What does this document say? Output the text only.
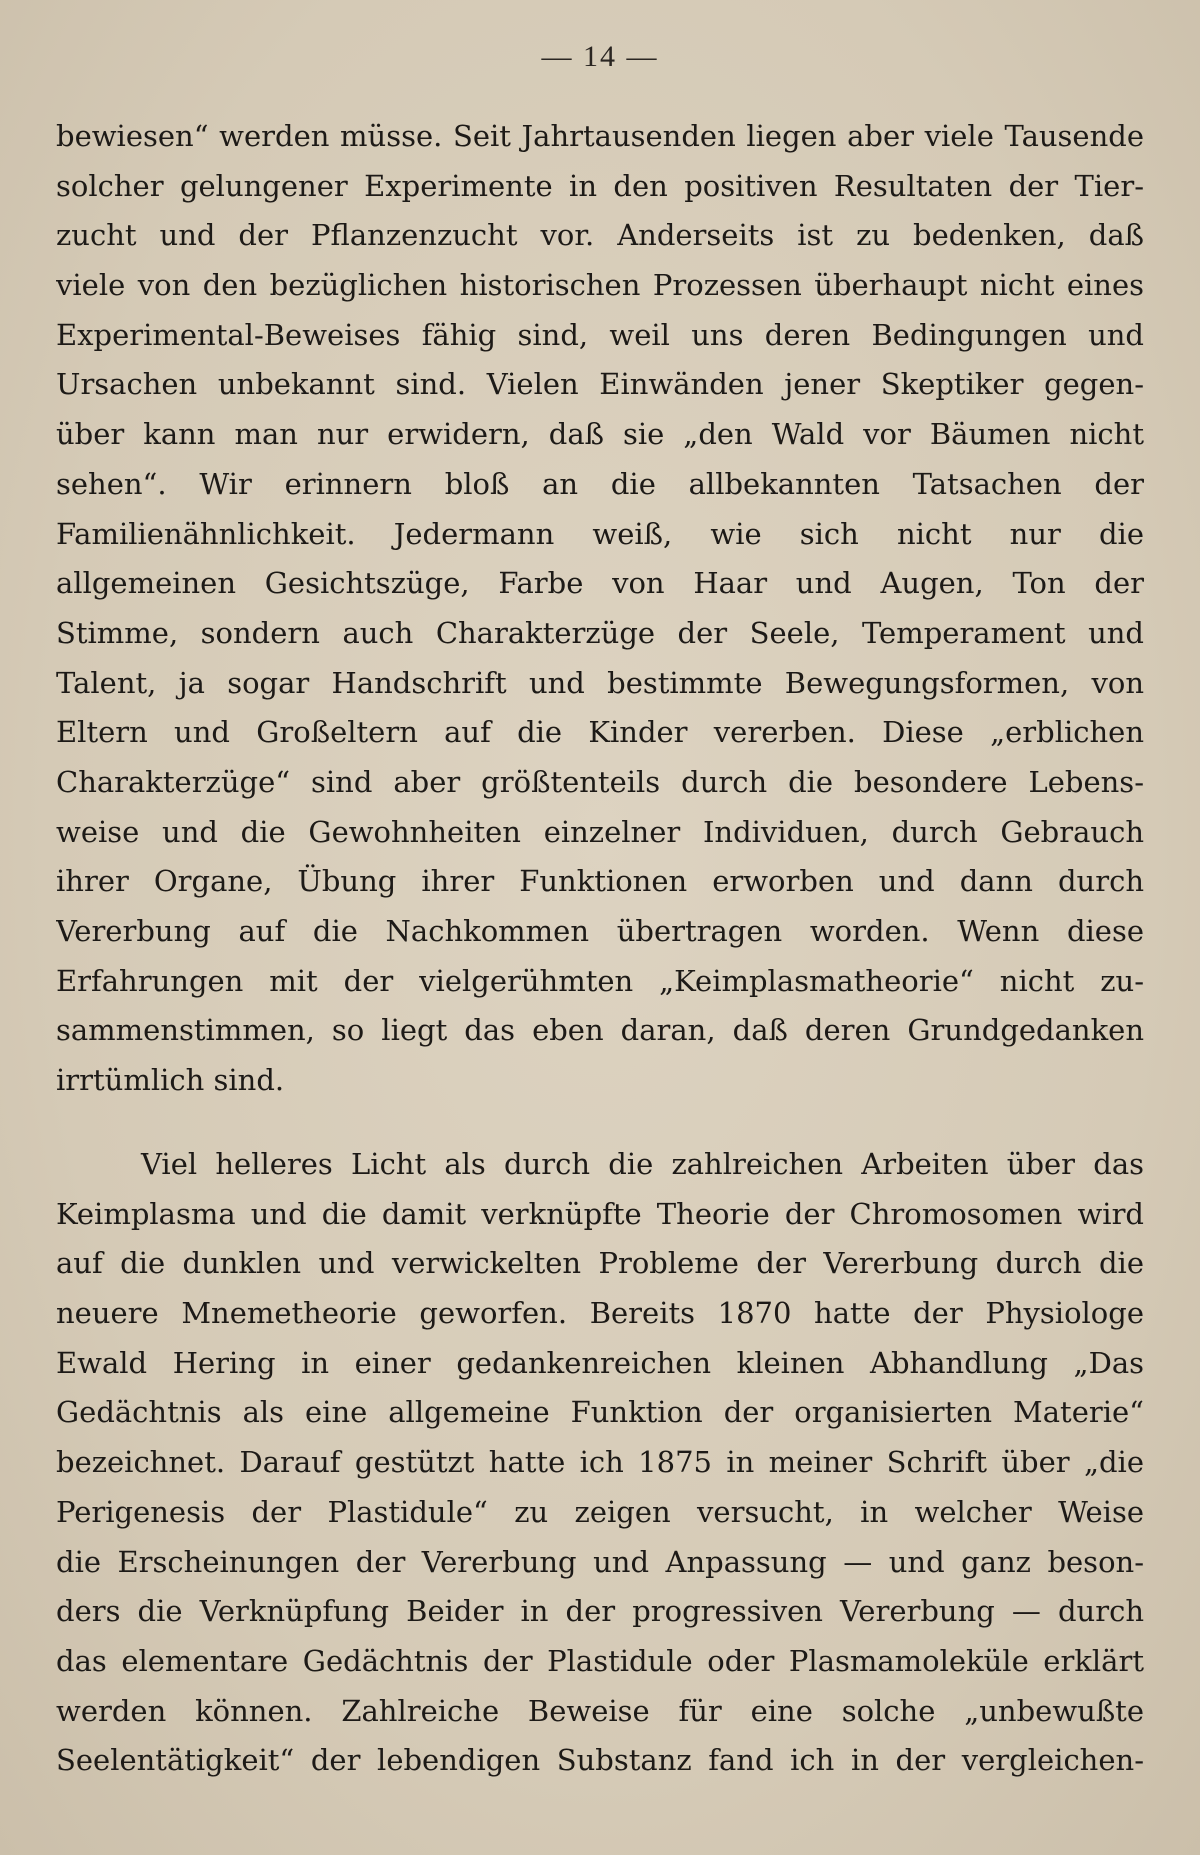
— 14 —
bewiesen“ werden müsse. Seit Jahrtausenden liegen aber viele Tausende
solcher gelungener Experimente in den positiven Resultaten der Tier-
zucht und der Pflanzenzucht vor. Anderseits ist zu bedenken, daß
viele von den bezüglichen historischen Prozessen überhaupt nicht eines
Experimental-Beweises fähig sind, weil uns deren Bedingungen und
Ursachen unbekannt sind. Vielen Einwänden jener Skeptiker gegen-
über kann man nur erwidern, daß sie „den Wald vor Bäumen nicht
sehen“. Wir erinnern bloß an die allbekannten Tatsachen der
Familienähnlichkeit. Jedermann weiß, wie sich nicht nur die
allgemeinen Gesichtszüge, Farbe von Haar und Augen, Ton der
Stimme, sondern auch Charakterzüge der Seele, Temperament und
Talent, ja sogar Handschrift und bestimmte Bewegungsformen, von
Eltern und Großeltern auf die Kinder vererben. Diese „erblichen
Charakterzüge“ sind aber größtenteils durch die besondere Lebens-
weise und die Gewohnheiten einzelner Individuen, durch Gebrauch
ihrer Organe, Übung ihrer Funktionen erworben und dann durch
Vererbung auf die Nachkommen übertragen worden. Wenn diese
Erfahrungen mit der vielgerühmten „Keimplasmatheorie“ nicht zu-
sammenstimmen, so liegt das eben daran, daß deren Grundgedanken
irrtümlich sind.
Viel helleres Licht als durch die zahlreichen Arbeiten über das
Keimplasma und die damit verknüpfte Theorie der Chromosomen wird
auf die dunklen und verwickelten Probleme der Vererbung durch die
neuere Mnemetheorie geworfen. Bereits 1870 hatte der Physiologe
Ewald Hering in einer gedankenreichen kleinen Abhandlung „Das
Gedächtnis als eine allgemeine Funktion der organisierten Materie“
bezeichnet. Darauf gestützt hatte ich 1875 in meiner Schrift über „die
Perigenesis der Plastidule“ zu zeigen versucht, in welcher Weise
die Erscheinungen der Vererbung und Anpassung — und ganz beson-
ders die Verknüpfung Beider in der progressiven Vererbung — durch
das elementare Gedächtnis der Plastidule oder Plasmamoleküle erklärt
werden können. Zahlreiche Beweise für eine solche „unbewußte
Seelentätigkeit“ der lebendigen Substanz fand ich in der vergleichen-
